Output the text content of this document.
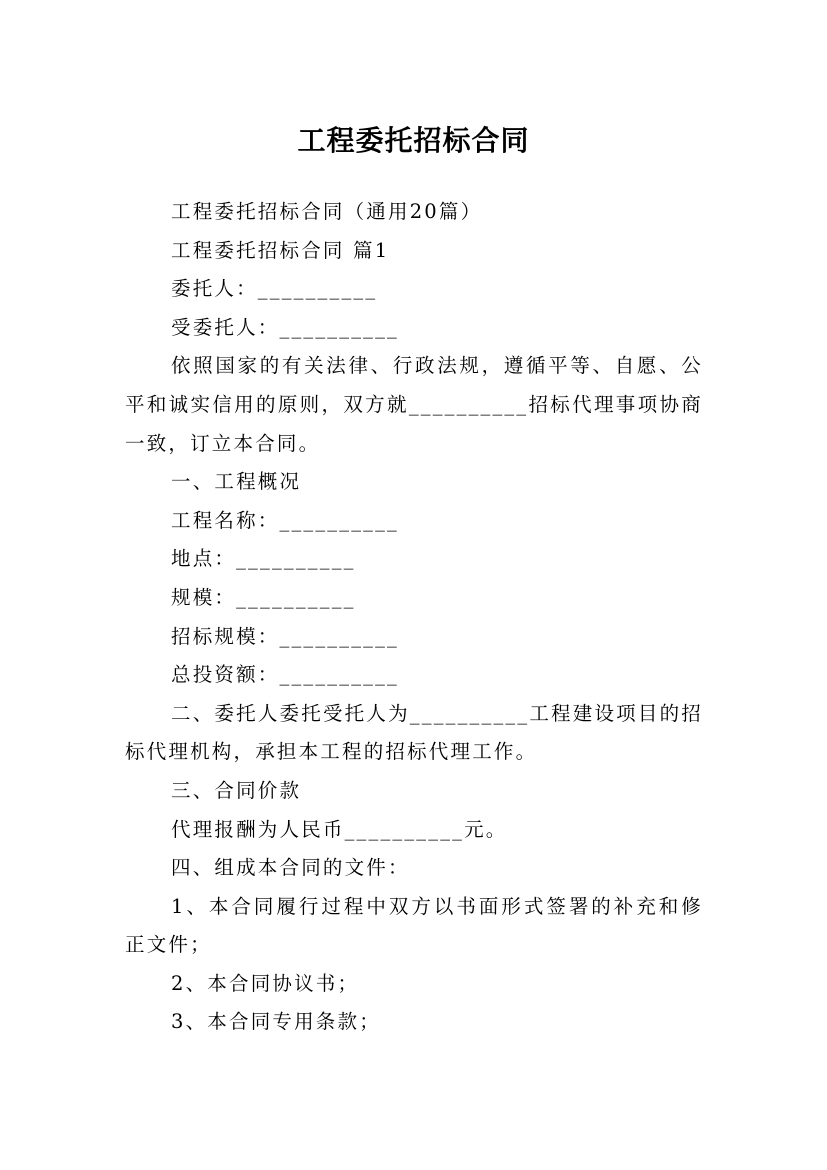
工程委托招标合同

工程委托招标合同（通用20篇）

工程委托招标合同 篇1

委托人：__________

受委托人：__________

依照国家的有关法律、行政法规，遵循平等、自愿、公平和诚实信用的原则，双方就__________招标代理事项协商一致，订立本合同。

一、工程概况

工程名称：__________

地点：__________

规模：__________

招标规模：__________

总投资额：__________

二、委托人委托受托人为__________工程建设项目的招标代理机构，承担本工程的招标代理工作。

三、合同价款

代理报酬为人民币__________元。

四、组成本合同的文件：

1、本合同履行过程中双方以书面形式签署的补充和修正文件；

2、本合同协议书；

3、本合同专用条款；
